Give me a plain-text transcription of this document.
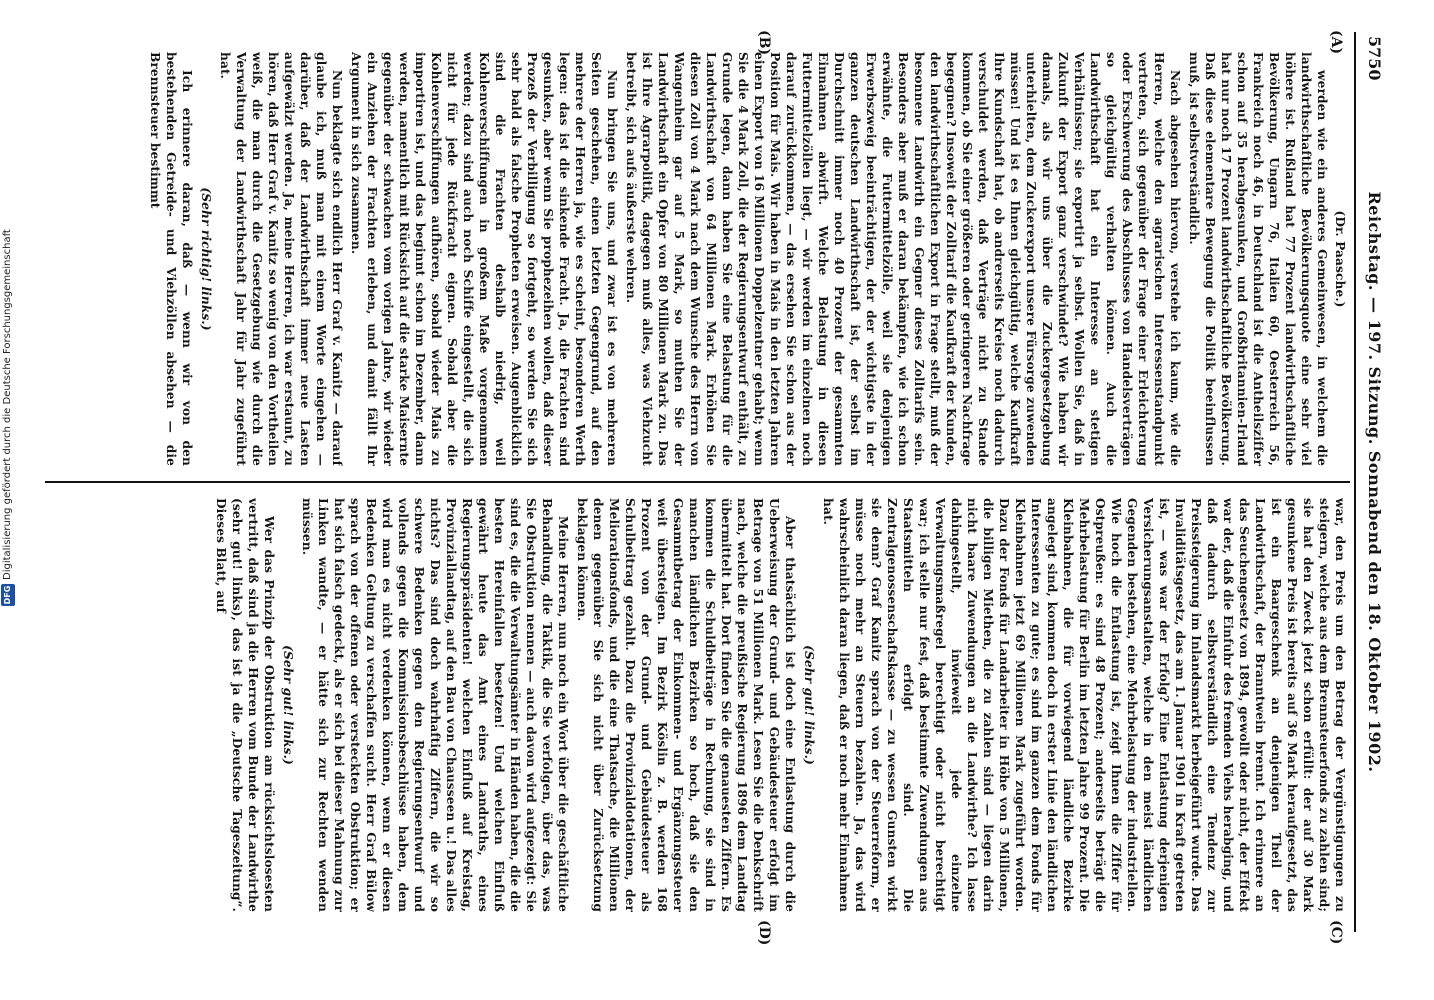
5750
Reichstag. — 197. Sitzung. Sonnabend den 18. Oktober 1902.
(A)
(B)
(C)
(D)

(Dr. Paasche.)

werden wie ein anderes Gemeinwesen, in welchem die landwirthschaftliche Bevölkerungsquote eine sehr viel höhere ist. Rußland hat 77 Prozent landwirthschaftliche Bevölkerung, Ungarn 76, Italien 60, Oesterreich 56, Frankreich noch 46, in Deutschland ist die Antheilsziffer schon auf 35 herabgesunken, und Großbritannien-Irland hat nur noch 17 Prozent landwirthschaftliche Bevölkerung. Daß diese elementare Bewegung die Politik beeinflussen muß, ist selbstverständlich.

Nach abgesehen hiervon, verstehe ich kaum, wie die Herren, welche den agrarischen Interessenstandpunkt vertreten, sich gegenüber der Frage einer Erleichterung oder Erschwerung des Abschlusses von Handelsverträgen so gleichgültig verhalten können. Auch die Landwirthschaft hat ein Interesse an stetigen Verhältnissen; sie exportirt ja selbst. Wollen Sie, daß in Zukunft der Export ganz verschwindet? Wie haben wir damals, als wir uns über die Zuckergesetzgebung unterhielten, dem Zuckerexport unsere Fürsorge zuwenden müssen! Und ist es Ihnen gleichgültig, welche Kaufkraft Ihre Kundschaft hat, ob andrerseits Kreise noch dadurch verschuldet werden, daß Verträge nicht zu Stande kommen, ob Sie einer größeren oder geringeren Nachfrage begegnen? Insoweit der Zolltarif die Kaufkraft der Kunden, den landwirthschaftlichen Export in Frage stellt, muß der besonnene Landwirth ein Gegner dieses Zolltarifs sein. Besonders aber muß er daran bekämpfen, wie ich schon erwähnte, die Futtermittelzölle, weil sie denjenigen Erwerbszweig beeinträchtigen, der der wichtigste in der ganzen deutschen Landwirthschaft ist, der selbst im Durchschnitt immer noch 40 Prozent der gesammten Einnahmen abwirft. Welche Belastung in diesen Futtermittelzöllen liegt, — wir werden im einzelnen noch darauf zurückkommen, — das ersehen Sie schon aus der Position für Mais. Wir haben in Mais in den letzten Jahren einen Export von 16 Millionen Doppelzentner gehabt; wenn Sie die 4 Mark Zoll, die der Regierungsentwurf enthält, zu Grunde legen, dann haben Sie eine Belastung für die Landwirthschaft von 64 Millionen Mark. Erhöhen Sie diesen Zoll von 4 Mark nach dem Wunsche des Herrn von Wangenheim gar auf 5 Mark, so muthen Sie der Landwirthschaft ein Opfer von 80 Millionen Mark zu. Das ist Ihre Agrarpolitik, dagegen muß alles, was Viehzucht betreibt, sich aufs äußerste wehren.

Nun bringen Sie uns, und zwar ist es von mehreren Seiten geschehen, einen letzten Gegengrund, auf den mehrere der Herren ja, wie es scheint, besonderen Werth legen: das ist die sinkende Fracht. Ja, die Frachten sind gesunken, aber wenn Sie prophezeihen wollen, daß dieser Prozeß der Verbilligung so fortgeht, so werden Sie sich sehr bald als falsche Propheten erweisen. Augenblicklich sind die Frachten deshalb niedrig, weil Kohlenverschiffungen in großem Maße vorgenommen werden; dazu sind auch noch Schiffe eingestellt, die sich nicht für jede Rückfracht eignen. Sobald aber die Kohlenverschiffungen aufhören, sobald wieder Mais zu importiren ist, und das beginnt schon im Dezember, dann werden, namentlich mit Rücksicht auf die starke Maisernte gegenüber der schwachen vom vorigen Jahre, wir wieder ein Anziehen der Frachten erleben, und damit fällt Ihr Argument in sich zusammen.

Nun beklagte sich endlich Herr Graf v. Kanitz — darauf glaube ich, muß man mit einem Worte eingehen — darüber, daß der Landwirthschaft immer neue Lasten aufgewälzt werden. Ja, meine Herren, ich war erstaunt, zu hören, daß Herr Graf v. Kanitz so wenig von den Vortheilen weiß, die man durch die Gesetzgebung wie durch die Verwaltung der Landwirthschaft Jahr für Jahr zugeführt hat.

(Sehr richtig! links.)

Ich erinnere daran, daß — wenn wir von den bestehenden Getreide- und Viehzöllen absehen — die Brennsteuer bestimmt

war, den Preis um den Betrag der Vergünstigungen zu steigern, welche aus dem Brennsteuerfonds zu zahlen sind; sie hat den Zweck jetzt schon erfüllt: der auf 30 Mark gesunkene Preis ist bereits auf 36 Mark heraufgesetzt, das ist ein Baargeschenk an denjenigen Theil der Landwirthschaft, der Branntwein brennt. Ich erinnere an das Seuchengesetz von 1894, gewollt oder nicht, der Effekt war der, daß die Einfuhr des fremden Viehs herabging, und daß dadurch selbstverständlich eine Tendenz zur Preissteigerung im Inlandsmarkt herbeigeführt wurde. Das Invaliditätsgesetz, das am 1. Januar 1901 in Kraft getreten ist, — was war der Erfolg? Eine Entlastung derjenigen Versicherungsanstalten, welche in den meist ländlichen Gegenden bestehen, eine Mehrbelastung der industriellen. Wie hoch die Entlastung ist, zeigt Ihnen die Ziffer für Ostpreußen: es sind 48 Prozent; anderseits beträgt die Mehrbelastung für Berlin im letzten Jahre 99 Prozent. Die Kleinbahnen, die für vorwiegend ländliche Bezirke angelegt sind, kommen doch in erster Linie den ländlichen Interessenten zu gute; es sind im ganzen dem Fonds für Kleinbahnen jetzt 69 Millionen Mark zugeführt worden. Dazu der Fonds für Landarbeiter in Höhe von 5 Millionen, die billigen Miethen, die zu zahlen sind — liegen darin nicht baare Zuwendungen an die Landwirthe? Ich lasse dahingestellt, inwieweit jede einzelne Verwaltungsmaßregel berechtigt oder nicht berechtigt war; ich stelle nur fest, daß bestimmte Zuwendungen aus Staatsmitteln erfolgt sind. Die Zentralgenossenschaftskasse — zu wessen Gunsten wirkt sie denn? Graf Kanitz sprach von der Steuerreform, er müsse noch mehr an Steuern bezahlen. Ja, das wird wahrscheinlich daran liegen, daß er noch mehr Einnahmen hat.

(Sehr gut! links.)

Aber thatsächlich ist doch eine Entlastung durch die Ueberweisung der Grund- und Gebäudesteuer erfolgt im Betrage von 51 Millionen Mark. Lesen Sie die Denkschrift nach, welche die preußische Regierung 1896 dem Landtag übermittelt hat. Dort finden Sie die genauesten Ziffern. Es kommen die Schuldbeiträge in Rechnung, sie sind in manchen ländlichen Bezirken so hoch, daß sie den Gesammtbetrag der Einkommen- und Ergänzungssteuer weit übersteigen. Im Bezirk Köslin z. B. werden 168 Prozent von der Grund- und Gebäudesteuer als Schulbeitrag gezahlt. Dazu die Provinzialdotationen, der Meliorationsfonds, und die eine Thatsache, die Millionen denen gegenüber Sie sich nicht über Zurücksetzung beklagen können.

Meine Herren, nun noch ein Wort über die geschäftliche Behandlung, die Taktik, die Sie verfolgen, über das, was Sie Obstruktion nennen — auch davon wird aufgezeigt: Sie sind es, die die Verwaltungsämter in Händen haben, die die besten Hereinfallen besetzen! Und welchen Einfluß gewährt heute das Amt eines Landraths, eines Regierungspräsidenten! welchen Einfluß auf Kreistag, Provinziallandtag, auf den Bau von Chausseen u.! Das alles nichts? Das sind doch wahrhaftig Ziffern, die wir so schwere Bedenken gegen den Regierungsentwurf und vollends gegen die Kommissionsbeschlüsse haben, dem wird man es nicht verdenken können, wenn er diesen Bedenken Geltung zu verschaffen sucht. Herr Graf Bülow sprach von der offenen oder versteckten Obstruktion; er hat sich falsch gedeckt, als er sich bei dieser Mahnung zur Linken wandte, — er hätte sich zur Rechten wenden müssen.

(Sehr gut! links.)

Wer das Prinzip der Obstruktion am rücksichtslosesten vertritt, daß sind ja die Herren vom Bunde der Landwirthe (sehr gut! links), das ist ja die „Deutsche Tageszeitung“. Dieses Blatt, auf

DFG
Digitalisierung gefördert durch die Deutsche Forschungsgemeinschaft
